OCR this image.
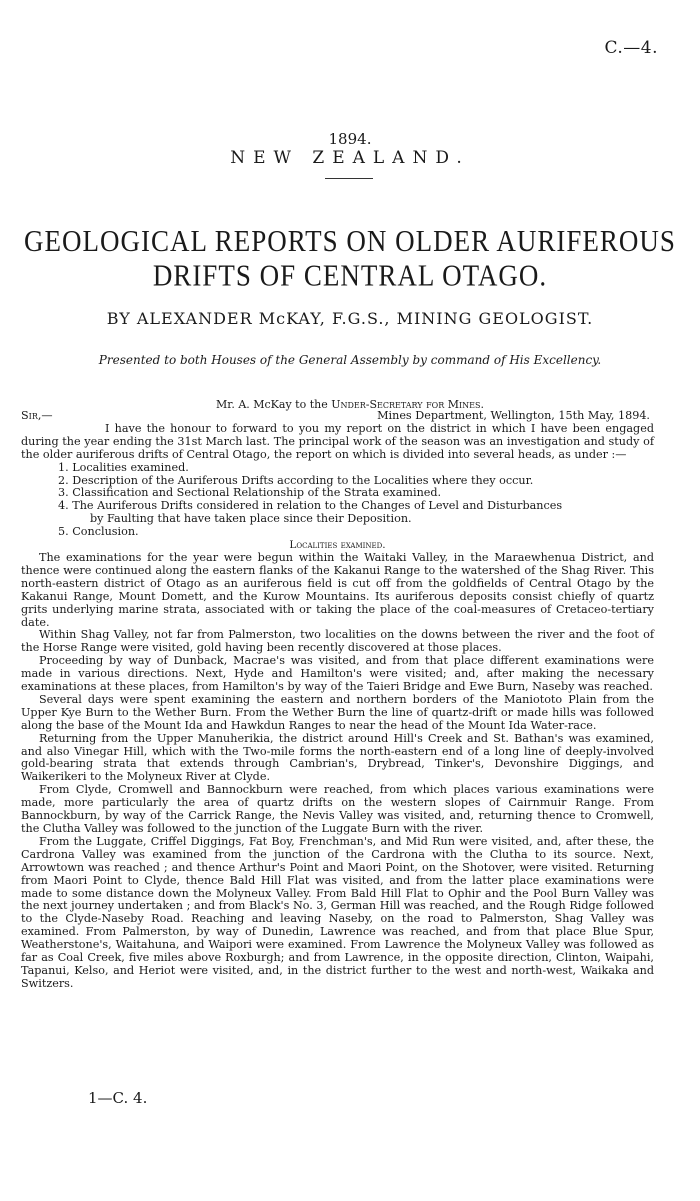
C.—4.
1894.
NEW ZEALAND.
GEOLOGICAL REPORTS ON OLDER AURIFEROUS
DRIFTS OF CENTRAL OTAGO.
BY ALEXANDER McKAY, F.G.S., MINING GEOLOGIST.
Presented to both Houses of the General Assembly by command of His Excellency.
Mr. A. McKay to the Under-Secretary for Mines.
Sir,—	Mines Department, Wellington, 15th May, 1894.

I have the honour to forward to you my report on the district in which I have been engaged during the year ending the 31st March last. The principal work of the season was an investigation and study of the older auriferous drifts of Central Otago, the report on which is divided into several heads, as under :—

1. Localities examined.
2. Description of the Auriferous Drifts according to the Localities where they occur.
3. Classification and Sectional Relationship of the Strata examined.
4. The Auriferous Drifts considered in relation to the Changes of Level and Disturbances
by Faulting that have taken place since their Deposition.
5. Conclusion.
Localities examined.

The examinations for the year were begun within the Waitaki Valley, in the Maraewhenua District, and thence were continued along the eastern flanks of the Kakanui Range to the watershed of the Shag River. This north-eastern district of Otago as an auriferous field is cut off from the goldfields of Central Otago by the Kakanui Range, Mount Domett, and the Kurow Mountains. Its auriferous deposits consist chiefly of quartz grits underlying marine strata, associated with or taking the place of the coal-measures of Cretaceo-tertiary date.

Within Shag Valley, not far from Palmerston, two localities on the downs between the river and the foot of the Horse Range were visited, gold having been recently discovered at those places.

Proceeding by way of Dunback, Macrae's was visited, and from that place different examinations were made in various directions. Next, Hyde and Hamilton's were visited; and, after making the necessary examinations at these places, from Hamilton's by way of the Taieri Bridge and Ewe Burn, Naseby was reached.

Several days were spent examining the eastern and northern borders of the Maniototo Plain from the Upper Kye Burn to the Wether Burn. From the Wether Burn the line of quartz-drift or made hills was followed along the base of the Mount Ida and Hawkdun Ranges to near the head of the Mount Ida Water-race.

Returning from the Upper Manuherikia, the district around Hill's Creek and St. Bathan's was examined, and also Vinegar Hill, which with the Two-mile forms the north-eastern end of a long line of deeply-involved gold-bearing strata that extends through Cambrian's, Drybread, Tinker's, Devonshire Diggings, and Waikerikeri to the Molyneux River at Clyde.

From Clyde, Cromwell and Bannockburn were reached, from which places various examinations were made, more particularly the area of quartz drifts on the western slopes of Cairnmuir Range. From Bannockburn, by way of the Carrick Range, the Nevis Valley was visited, and, returning thence to Cromwell, the Clutha Valley was followed to the junction of the Luggate Burn with the river.

From the Luggate, Criffel Diggings, Fat Boy, Frenchman's, and Mid Run were visited, and, after these, the Cardrona Valley was examined from the junction of the Cardrona with the Clutha to its source. Next, Arrowtown was reached ; and thence Arthur's Point and Maori Point, on the Shotover, were visited. Returning from Maori Point to Clyde, thence Bald Hill Flat was visited, and from the latter place examinations were made to some distance down the Molyneux Valley. From Bald Hill Flat to Ophir and the Pool Burn Valley was the next journey undertaken ; and from Black's No. 3, German Hill was reached, and the Rough Ridge followed to the Clyde-Naseby Road. Reaching and leaving Naseby, on the road to Palmerston, Shag Valley was examined. From Palmerston, by way of Dunedin, Lawrence was reached, and from that place Blue Spur, Weatherstone's, Waitahuna, and Waipori were examined. From Lawrence the Molyneux Valley was followed as far as Coal Creek, five miles above Roxburgh; and from Lawrence, in the opposite direction, Clinton, Waipahi, Tapanui, Kelso, and Heriot were visited, and, in the district further to the west and north-west, Waikaka and Switzers.

1—C. 4.
